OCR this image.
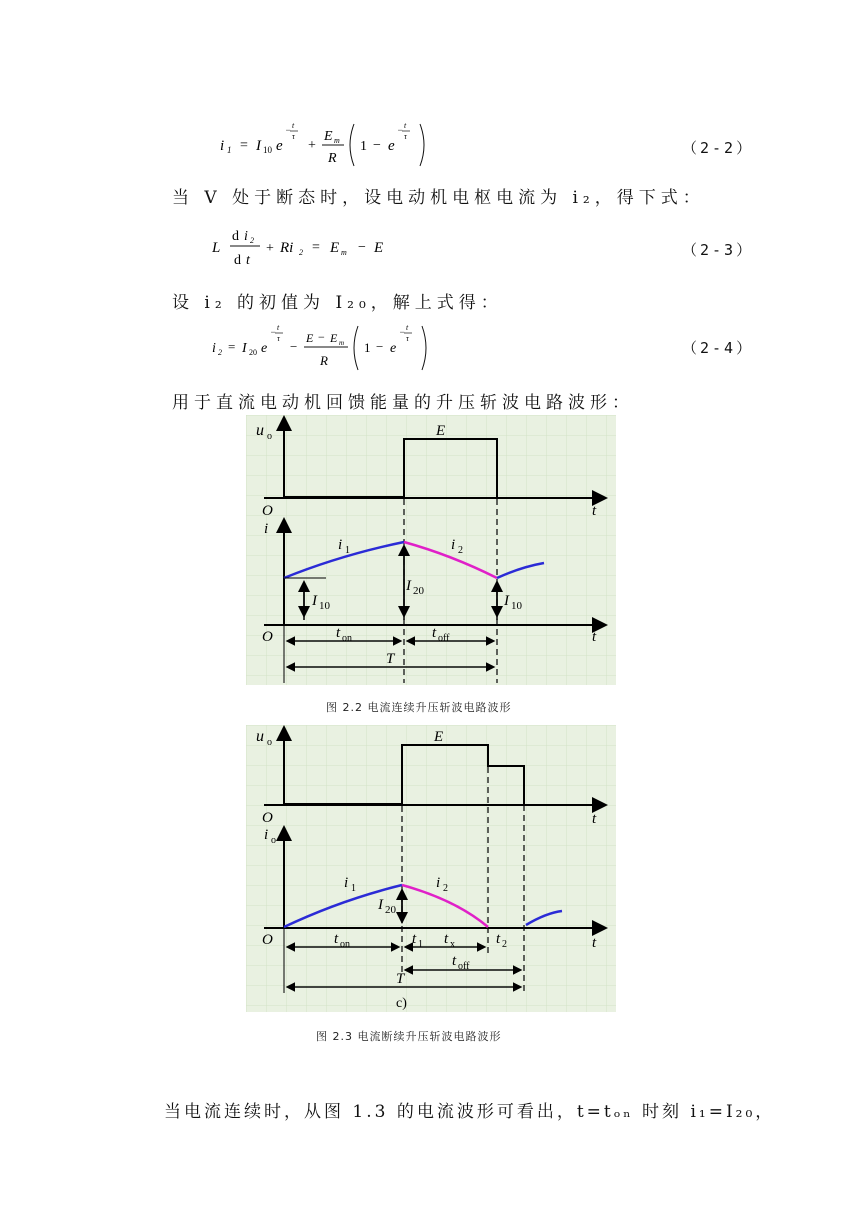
i 1 = I 10 e
− t
τ
+
E m
R
1 − e
− t
τ
（2-2）
当 V 处于断态时，设电动机电枢电流为 i₂，得下式：
L
d i 2
d t
+ Ri 2 = E m − E	（2-3）
设 i₂ 的初值为 I₂₀，解上式得：
i 2 = I 20 e
− t
τ
−
E − E m
R
1 − e
− t
τ
（2-4）
用于直流电动机回馈能量的升压斩波电路波形：
u o	E
O	t
i
i 1	i 2
I 20
I 10	I 10
O	t
t on	t off
T
图 2.2 电流连续升压斩波电路波形
u o	E
O	t
i o
i 1	i 2
I 20
O	t
t on	t 1 t x	t 2
t off
T
c)
图 2.3 电流断续升压斩波电路波形
当电流连续时，从图 1.3 的电流波形可看出，t=tₒₙ 时刻 i₁=I₂₀，
